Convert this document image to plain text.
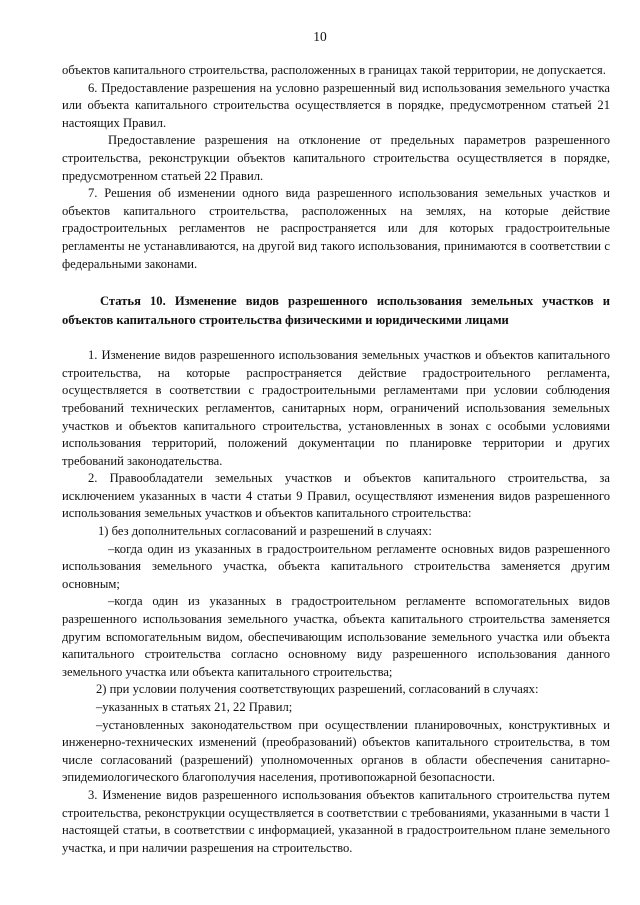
10

объектов капитального строительства, расположенных в границах такой территории, не допускается.

6. Предоставление разрешения на условно разрешенный вид использования земельного участка или объекта капитального строительства осуществляется в порядке, предусмотренном статьей 21 настоящих Правил.

Предоставление разрешения на отклонение от предельных параметров разрешенного строительства, реконструкции объектов капитального строительства осуществляется в порядке, предусмотренном статьей 22 Правил.

7. Решения об изменении одного вида разрешенного использования земельных участков и объектов капитального строительства, расположенных на землях, на которые действие градостроительных регламентов не распространяется или для которых градостроительные регламенты не устанавливаются, на другой вид такого использования, принимаются в соответствии с федеральными законами.

Статья 10. Изменение видов разрешенного использования земельных участков и объектов капитального строительства физическими и юридическими лицами

1. Изменение видов разрешенного использования земельных участков и объектов капитального строительства, на которые распространяется действие градостроительного регламента, осуществляется в соответствии с градостроительными регламентами при условии соблюдения требований технических регламентов, санитарных норм, ограничений использования земельных участков и объектов капитального строительства, установленных в зонах с особыми условиями использования территорий, положений документации по планировке территории и других требований законодательства.

2. Правообладатели земельных участков и объектов капитального строительства, за исключением указанных в части 4 статьи 9 Правил, осуществляют изменения видов разрешенного использования земельных участков и объектов капитального строительства:

1) без дополнительных согласований и разрешений в случаях:

–когда один из указанных в градостроительном регламенте основных видов разрешенного использования земельного участка, объекта капитального строительства заменяется другим основным;

–когда один из указанных в градостроительном регламенте вспомогательных видов разрешенного использования земельного участка, объекта капитального строительства заменяется другим вспомогательным видом, обеспечивающим использование земельного участка или объекта капитального строительства согласно основному виду разрешенного использования данного земельного участка или объекта капитального строительства;

2) при условии получения соответствующих разрешений, согласований в случаях:

–указанных в статьях 21, 22 Правил;

–установленных законодательством при осуществлении планировочных, конструктивных и инженерно-технических изменений (преобразований) объектов капитального строительства, в том числе согласований (разрешений) уполномоченных органов в области обеспечения санитарно-эпидемиологического благополучия населения, противопожарной безопасности.

3. Изменение видов разрешенного использования объектов капитального строительства путем строительства, реконструкции осуществляется в соответствии с требованиями, указанными в части 1 настоящей статьи, в соответствии с информацией, указанной в градостроительном плане земельного участка, и при наличии разрешения на строительство.
